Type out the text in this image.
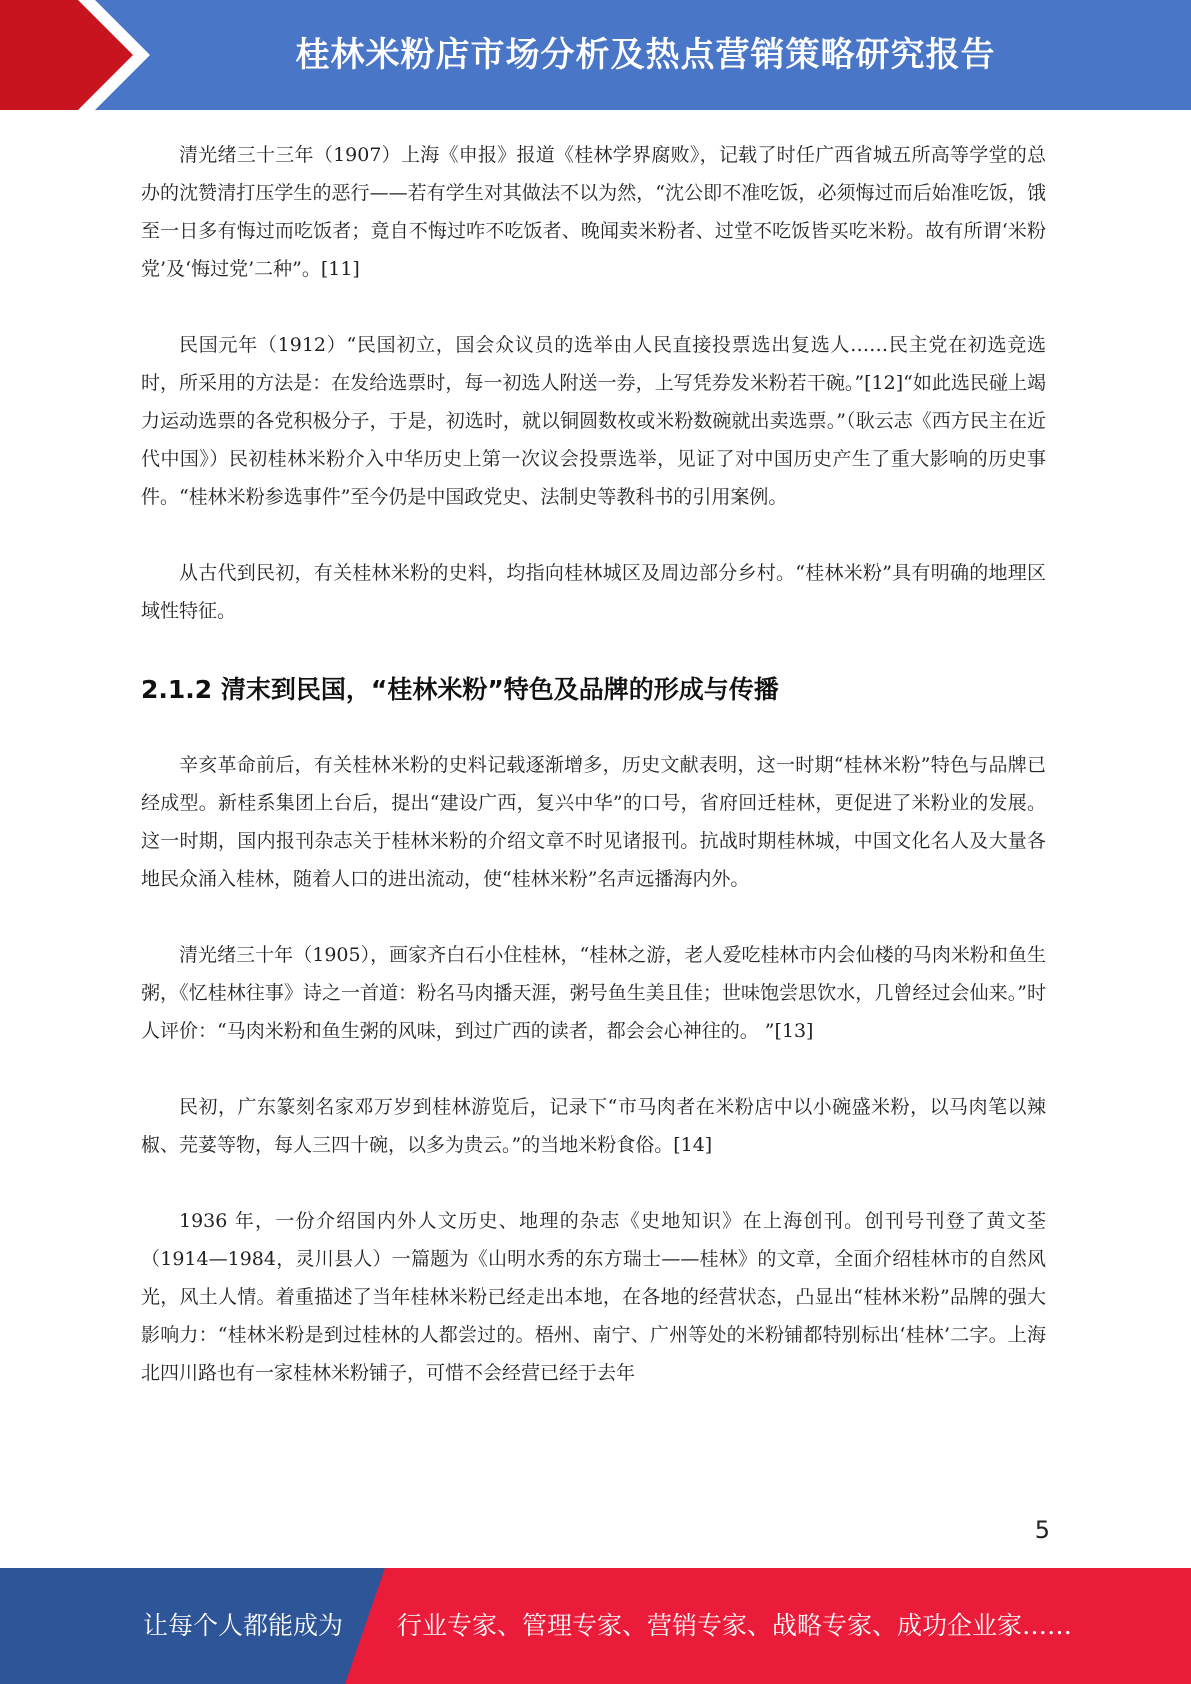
桂林米粉店市场分析及热点营销策略研究报告

清光绪三十三年（1907）上海《申报》报道《桂林学界腐败》，记载了时任广西省城五所高等学堂的总办的沈赞清打压学生的恶行——若有学生对其做法不以为然，“沈公即不准吃饭，必须悔过而后始准吃饭，饿至一日多有悔过而吃饭者；竟自不悔过咋不吃饭者、晚闻卖米粉者、过堂不吃饭皆买吃米粉。故有所谓‘米粉党’及‘悔过党’二种”。[11]

民国元年（1912）“民国初立，国会众议员的选举由人民直接投票选出复选人……民主党在初选竞选时，所采用的方法是：在发给选票时，每一初选人附送一券，上写凭券发米粉若干碗。”[12]“如此选民碰上竭力运动选票的各党积极分子，于是，初选时，就以铜圆数枚或米粉数碗就出卖选票。”（耿云志《西方民主在近代中国》）民初桂林米粉介入中华历史上第一次议会投票选举，见证了对中国历史产生了重大影响的历史事件。“桂林米粉参选事件”至今仍是中国政党史、法制史等教科书的引用案例。

从古代到民初，有关桂林米粉的史料，均指向桂林城区及周边部分乡村。“桂林米粉”具有明确的地理区域性特征。

2.1.2 清末到民国，“桂林米粉”特色及品牌的形成与传播

辛亥革命前后，有关桂林米粉的史料记载逐渐增多，历史文献表明，这一时期“桂林米粉”特色与品牌已经成型。新桂系集团上台后，提出“建设广西，复兴中华”的口号，省府回迁桂林，更促进了米粉业的发展。这一时期，国内报刊杂志关于桂林米粉的介绍文章不时见诸报刊。抗战时期桂林城，中国文化名人及大量各地民众涌入桂林，随着人口的进出流动，使“桂林米粉”名声远播海内外。

清光绪三十年（1905），画家齐白石小住桂林，“桂林之游，老人爱吃桂林市内会仙楼的马肉米粉和鱼生粥，《忆桂林往事》诗之一首道：粉名马肉播天涯，粥号鱼生美且佳；世味饱尝思饮水，几曾经过会仙来。”时人评价：“马肉米粉和鱼生粥的风味，到过广西的读者，都会会心神往的。 ”[13]

民初，广东篆刻名家邓万岁到桂林游览后，记录下“市马肉者在米粉店中以小碗盛米粉，以马肉笔以辣椒、芫荽等物，每人三四十碗，以多为贵云。”的当地米粉食俗。[14]

1936 年，一份介绍国内外人文历史、地理的杂志《史地知识》在上海创刊。创刊号刊登了黄文荃（1914—1984，灵川县人）一篇题为《山明水秀的东方瑞士——桂林》的文章，全面介绍桂林市的自然风光，风土人情。着重描述了当年桂林米粉已经走出本地，在各地的经营状态，凸显出“桂林米粉”品牌的强大影响力：“桂林米粉是到过桂林的人都尝过的。梧州、南宁、广州等处的米粉铺都特别标出‘桂林’二字。上海北四川路也有一家桂林米粉铺子，可惜不会经营已经于去年

5
让每个人都能成为 行业专家、管理专家、营销专家、战略专家、成功企业家……
